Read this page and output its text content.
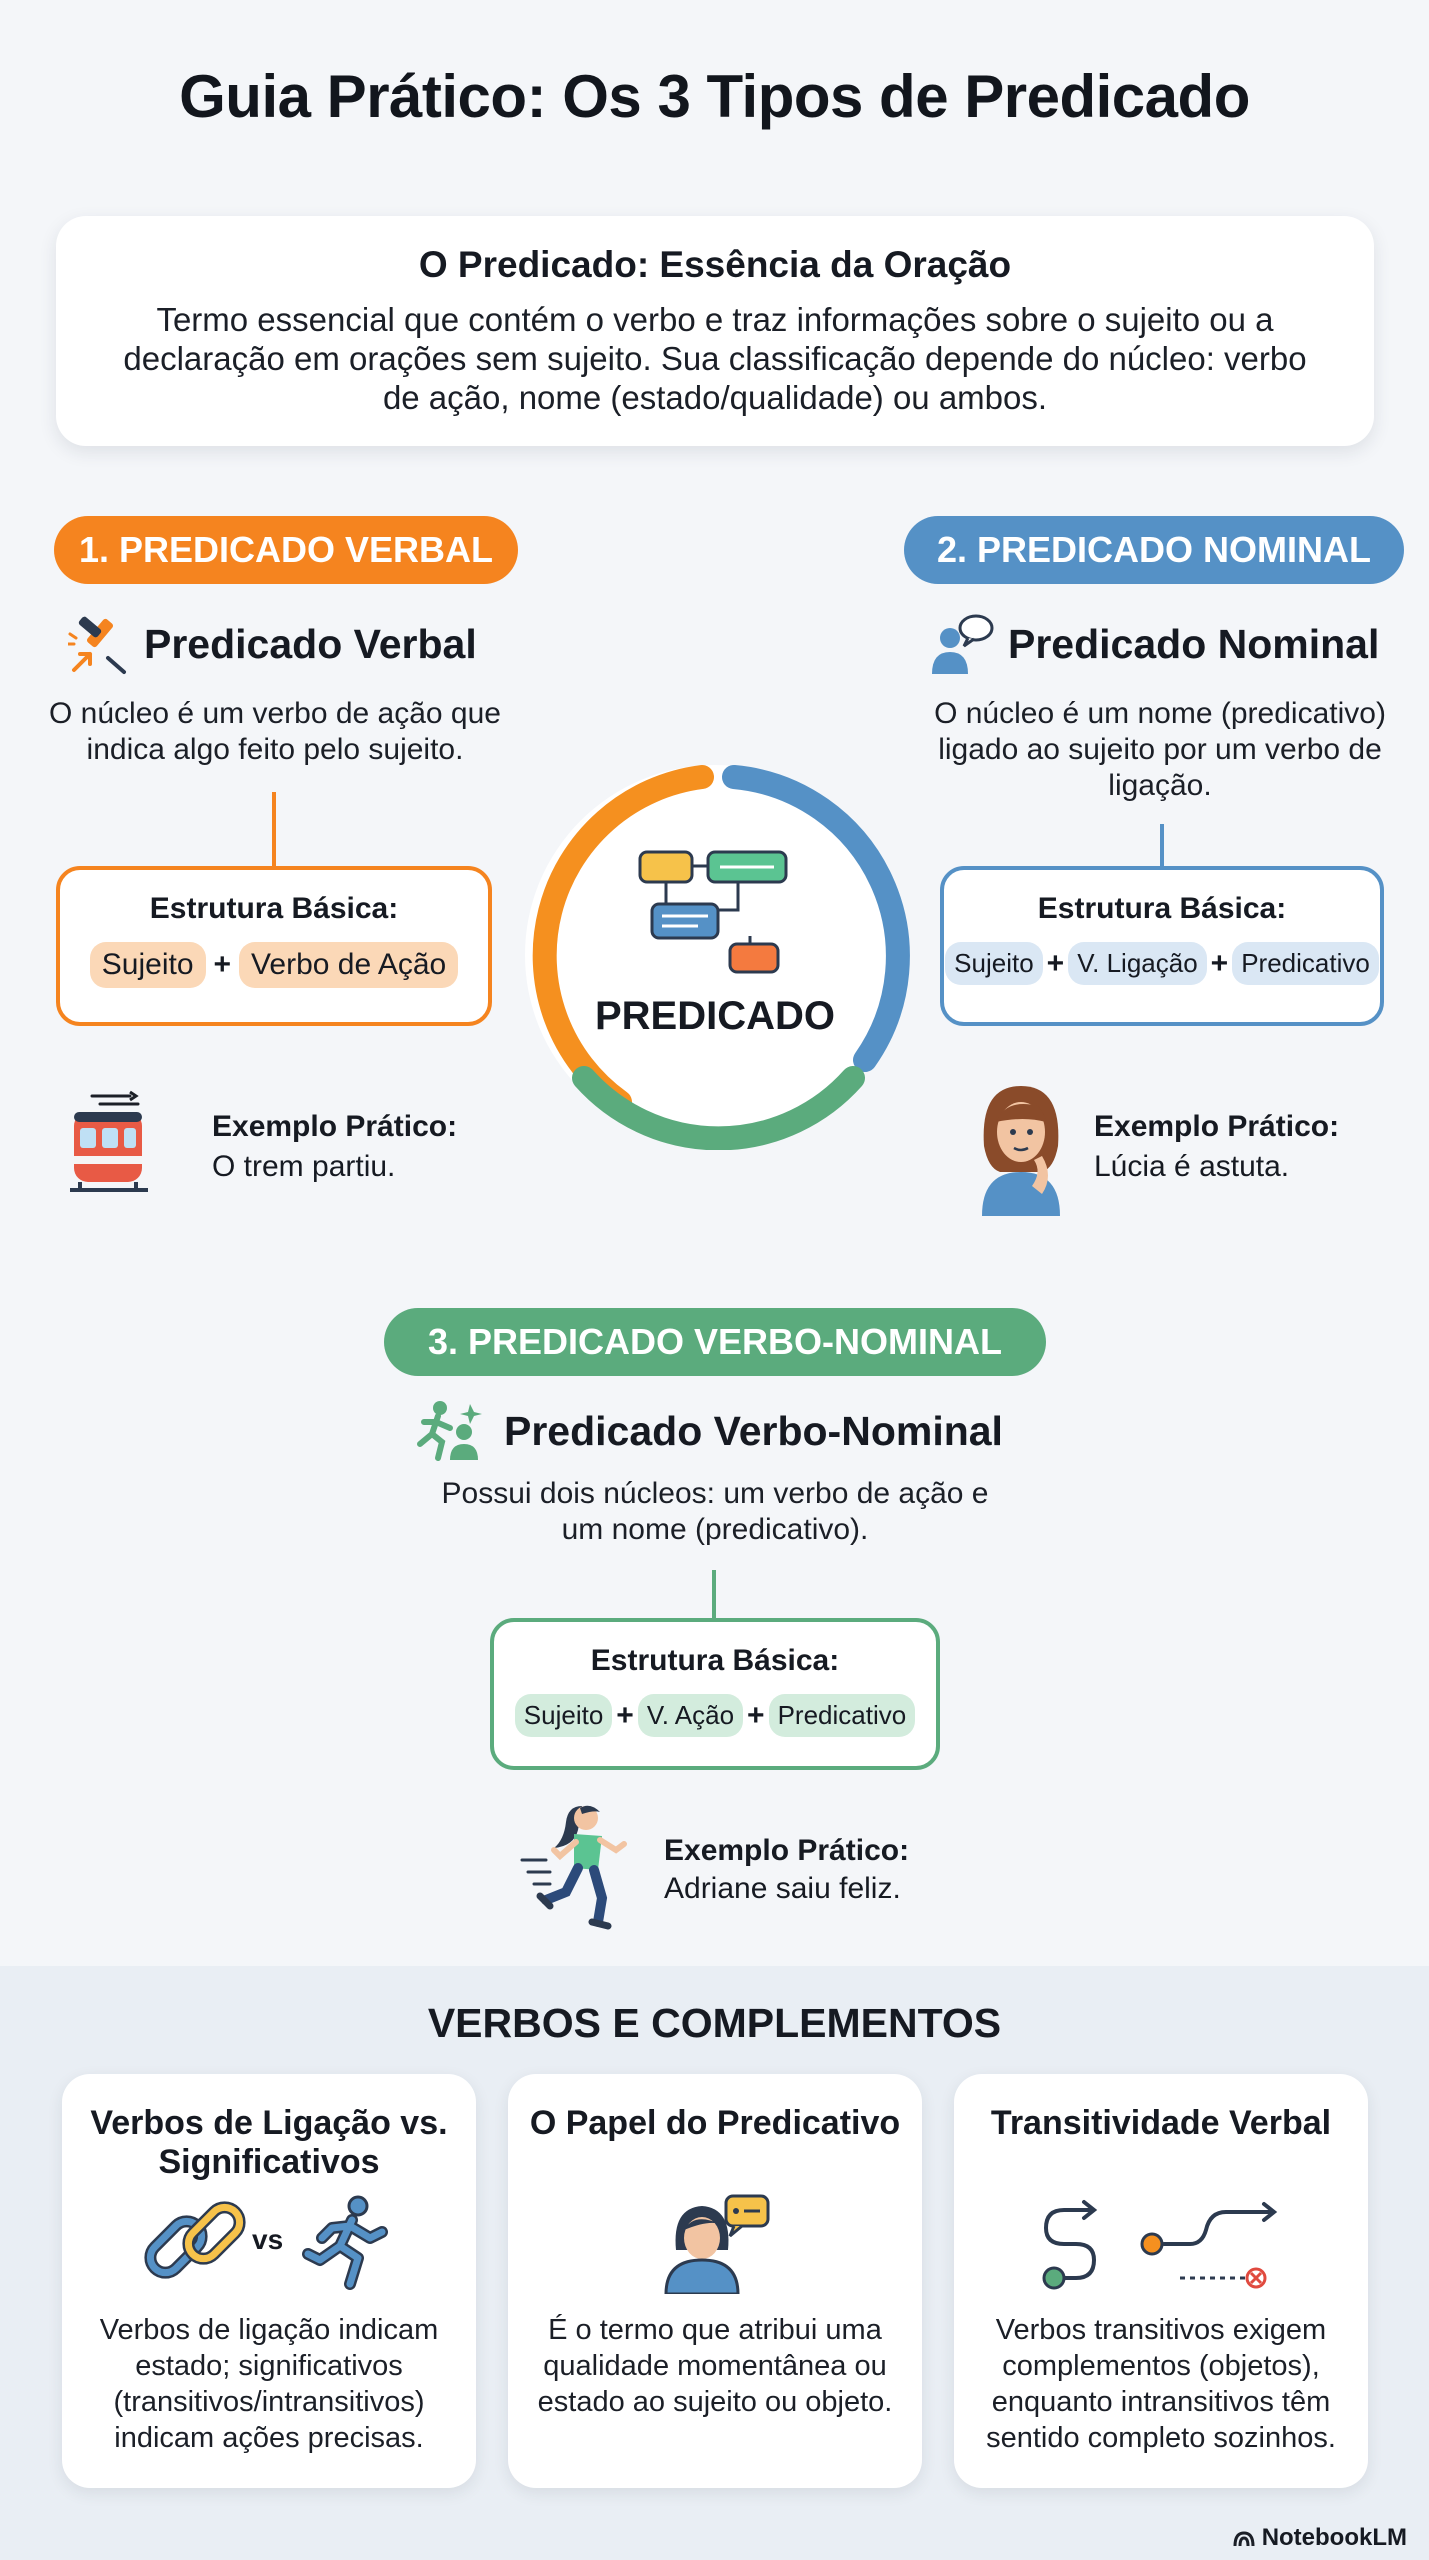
Guia Prático: Os 3 Tipos de Predicado
O Predicado: Essência da Oração
Termo essencial que contém o verbo e traz informações sobre o sujeito ou a declaração em orações sem sujeito. Sua classificação depende do núcleo: verbo de ação, nome (estado/qualidade) ou ambos.
1. PREDICADO VERBAL
Predicado Verbal
O núcleo é um verbo de ação que indica algo feito pelo sujeito.
Estrutura Básica:
Sujeito + Verbo de Ação
Exemplo Prático:
O trem partiu.
PREDICADO
2. PREDICADO NOMINAL
Predicado Nominal
O núcleo é um nome (predicativo) ligado ao sujeito por um verbo de ligação.
Estrutura Básica:
Sujeito + V. Ligação + Predicativo
Exemplo Prático:
Lúcia é astuta.
3. PREDICADO VERBO-NOMINAL
Predicado Verbo-Nominal
Possui dois núcleos: um verbo de ação e um nome (predicativo).
Estrutura Básica:
Sujeito + V. Ação + Predicativo
Exemplo Prático:
Adriane saiu feliz.
VERBOS E COMPLEMENTOS
Verbos de Ligação vs. Significativos
vs
Verbos de ligação indicam estado; significativos (transitivos/intransitivos) indicam ações precisas.
O Papel do Predicativo
É o termo que atribui uma qualidade momentânea ou estado ao sujeito ou objeto.
Transitividade Verbal
Verbos transitivos exigem complementos (objetos), enquanto intransitivos têm sentido completo sozinhos.
NotebookLM
